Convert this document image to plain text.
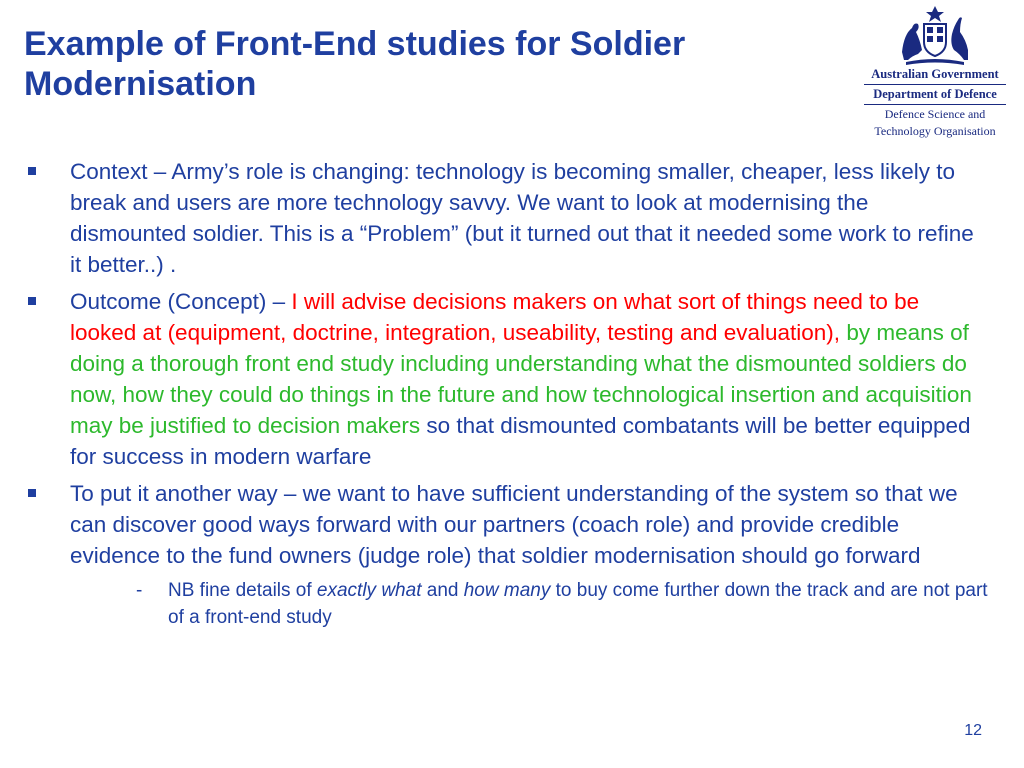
Example of Front-End studies for Soldier
Modernisation	Australian Government
Department of Defence
Defence Science and
Technology Organisation
Context – Army’s role is changing: technology is becoming smaller, cheaper, less likely to break and users are more technology savvy. We want to look at modernising the dismounted soldier. This is a “Problem” (but it turned out that it needed some work to refine it better..) .
Outcome (Concept) – I will advise decisions makers on what sort of things need to be looked at (equipment, doctrine, integration, useability, testing and evaluation), by means of doing a thorough front end study including understanding what the dismounted soldiers do now, how they could do things in the future and how technological insertion and acquisition may be justified to decision makers so that dismounted combatants will be better equipped for success in modern warfare
To put it another way – we want to have sufficient understanding of the system so that we can discover good ways forward with our partners (coach role) and provide credible evidence to the fund owners (judge role) that soldier modernisation should go forward
- NB fine details of exactly what and how many to buy come further down the track and are not part of a front-end study
12
